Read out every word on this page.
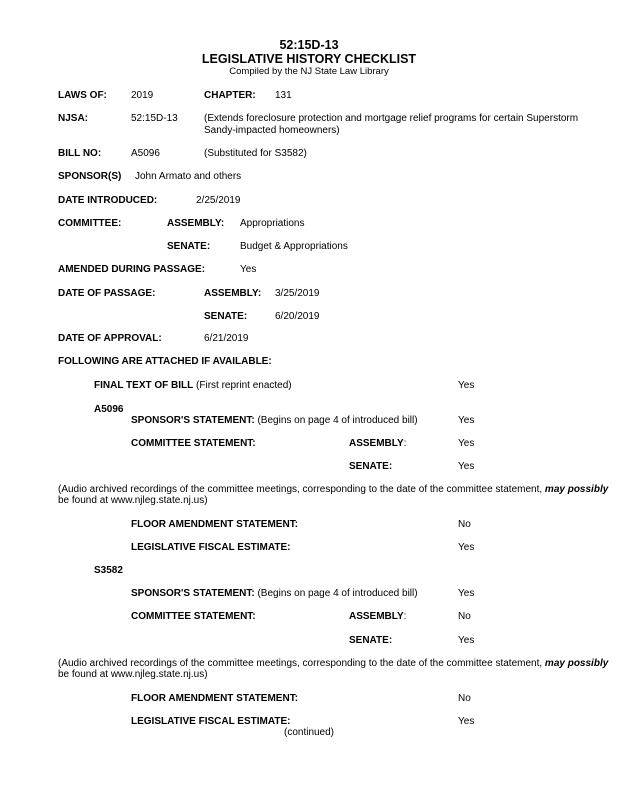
52:15D-13
LEGISLATIVE HISTORY CHECKLIST
Compiled by the NJ State Law Library
LAWS OF: 2019	CHAPTER: 131
NJSA:	52:15D-13	(Extends foreclosure protection and mortgage relief programs for certain Superstorm
Sandy-impacted homeowners)
BILL NO:	A5096	(Substituted for S3582)
SPONSOR(S) John Armato and others
DATE INTRODUCED:	2/25/2019
COMMITTEE:	ASSEMBLY: Appropriations
SENATE:	Budget & Appropriations
AMENDED DURING PASSAGE:	Yes
DATE OF PASSAGE:	ASSEMBLY: 3/25/2019
SENATE:	6/20/2019
DATE OF APPROVAL:	6/21/2019
FOLLOWING ARE ATTACHED IF AVAILABLE:
FINAL TEXT OF BILL (First reprint enacted)	Yes
A5096
SPONSOR'S STATEMENT: (Begins on page 4 of introduced bill)	Yes
COMMITTEE STATEMENT:	ASSEMBLY:	Yes
SENATE:	Yes
(Audio archived recordings of the committee meetings, corresponding to the date of the committee statement, may possibly
be found at www.njleg.state.nj.us)
FLOOR AMENDMENT STATEMENT:	No
LEGISLATIVE FISCAL ESTIMATE:	Yes
S3582
SPONSOR'S STATEMENT: (Begins on page 4 of introduced bill)	Yes
COMMITTEE STATEMENT:	ASSEMBLY:	No
SENATE:	Yes
(Audio archived recordings of the committee meetings, corresponding to the date of the committee statement, may possibly
be found at www.njleg.state.nj.us)
FLOOR AMENDMENT STATEMENT:	No
LEGISLATIVE FISCAL ESTIMATE:	Yes
(continued)
